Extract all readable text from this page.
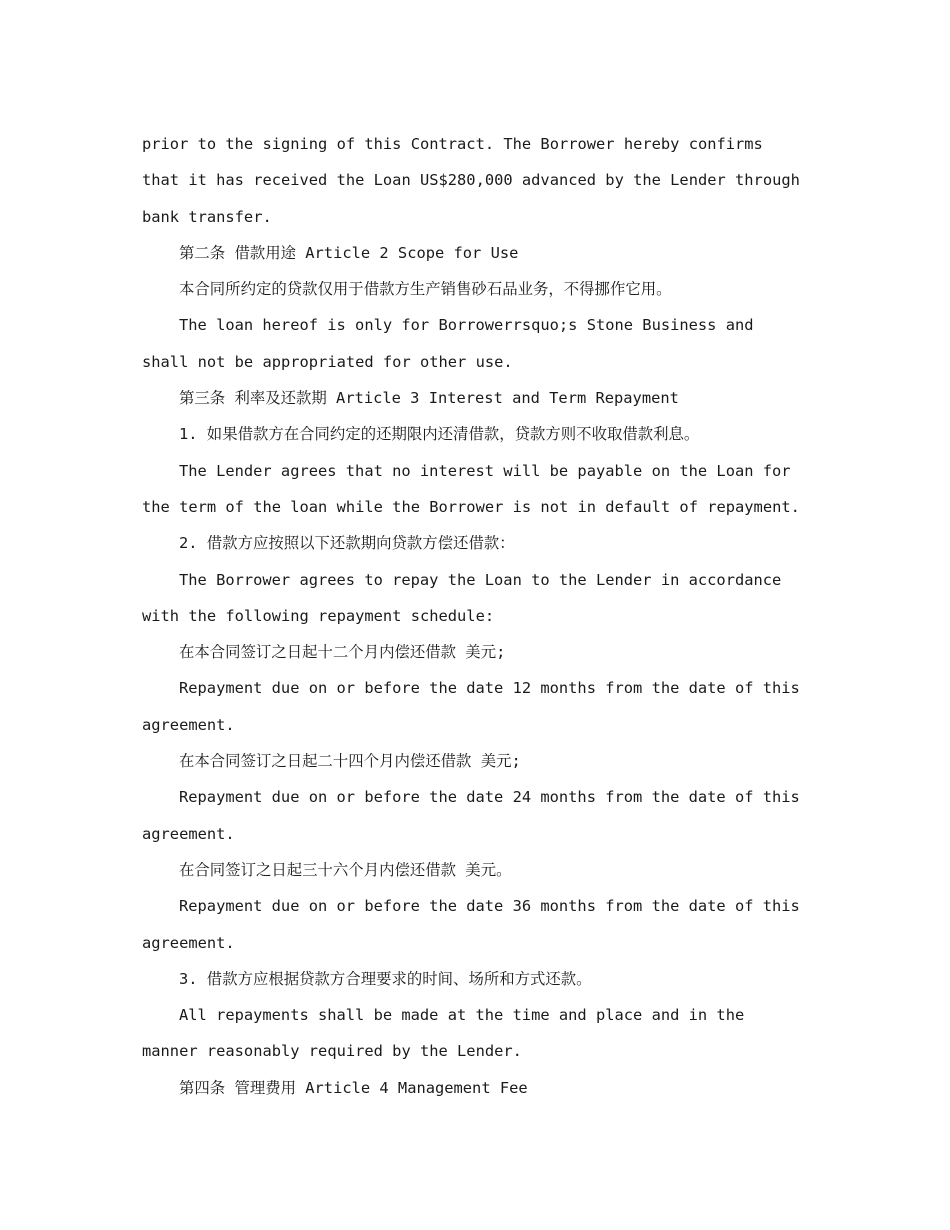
prior to the signing of this Contract. The Borrower hereby confirms

that it has received the Loan US$280,000 advanced by the Lender through

bank transfer.

第二条 借款用途 Article 2 Scope for Use

本合同所约定的贷款仅用于借款方生产销售砂石品业务，不得挪作它用。

The loan hereof is only for Borrowerrsquo;s Stone Business and

shall not be appropriated for other use.

第三条 利率及还款期 Article 3 Interest and Term Repayment

1. 如果借款方在合同约定的还期限内还清借款，贷款方则不收取借款利息。

The Lender agrees that no interest will be payable on the Loan for

the term of the loan while the Borrower is not in default of repayment.

2. 借款方应按照以下还款期向贷款方偿还借款：

The Borrower agrees to repay the Loan to the Lender in accordance

with the following repayment schedule:

在本合同签订之日起十二个月内偿还借款 美元;

Repayment due on or before the date 12 months from the date of this

agreement.

在本合同签订之日起二十四个月内偿还借款 美元;

Repayment due on or before the date 24 months from the date of this

agreement.

在合同签订之日起三十六个月内偿还借款 美元。

Repayment due on or before the date 36 months from the date of this

agreement.

3. 借款方应根据贷款方合理要求的时间、场所和方式还款。

All repayments shall be made at the time and place and in the

manner reasonably required by the Lender.

第四条 管理费用 Article 4 Management Fee
